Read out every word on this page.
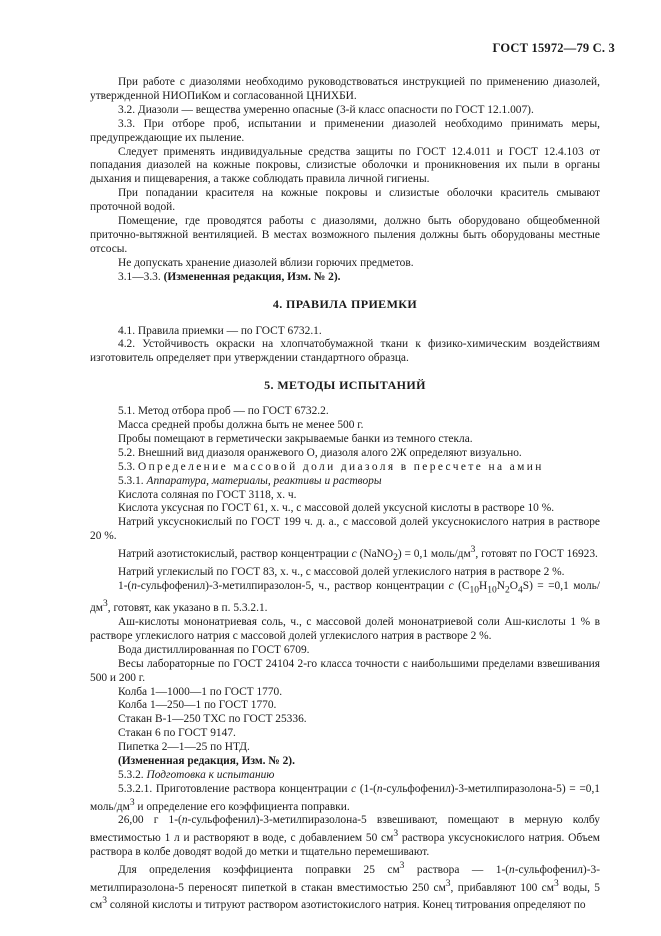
ГОСТ 15972—79 С. 3

При работе с диазолями необходимо руководствоваться инструкцией по применению диазолей, утвержденной НИОПиКом и согласованной ЦНИХБИ.

3.2. Диазоли — вещества умеренно опасные (3-й класс опасности по ГОСТ 12.1.007).

3.3. При отборе проб, испытании и применении диазолей необходимо принимать меры, предупреждающие их пыление.

Следует применять индивидуальные средства защиты по ГОСТ 12.4.011 и ГОСТ 12.4.103 от попадания диазолей на кожные покровы, слизистые оболочки и проникновения их пыли в органы дыхания и пищеварения, а также соблюдать правила личной гигиены.

При попадании красителя на кожные покровы и слизистые оболочки краситель смывают проточной водой.

Помещение, где проводятся работы с диазолями, должно быть оборудовано общеобменной приточно-вытяжной вентиляцией. В местах возможного пыления должны быть оборудованы местные отсосы.

Не допускать хранение диазолей вблизи горючих предметов.

3.1—3.3. (Измененная редакция, Изм. № 2).

4. ПРАВИЛА ПРИЕМКИ

4.1. Правила приемки — по ГОСТ 6732.1.

4.2. Устойчивость окраски на хлопчатобумажной ткани к физико-химическим воздействиям изготовитель определяет при утверждении стандартного образца.

5. МЕТОДЫ ИСПЫТАНИЙ

5.1. Метод отбора проб — по ГОСТ 6732.2.

Масса средней пробы должна быть не менее 500 г.

Пробы помещают в герметически закрываемые банки из темного стекла.

5.2. Внешний вид диазоля оранжевого О, диазоля алого 2Ж определяют визуально.

5.3. Определение массовой доли диазоля в пересчете на амин

5.3.1. Аппаратура, материалы, реактивы и растворы

Кислота соляная по ГОСТ 3118, х. ч.

Кислота уксусная по ГОСТ 61, х. ч., с массовой долей уксусной кислоты в растворе 10 %.

Натрий уксуснокислый по ГОСТ 199 ч. д. а., с массовой долей уксуснокислого натрия в растворе 20 %.

Натрий азотистокислый, раствор концентрации c (NaNO$_2$) = 0,1 моль/$дм^3$, готовят по ГОСТ 16923.

Натрий углекислый по ГОСТ 83, х. ч., с массовой долей углекислого натрия в растворе 2 %.

1-(n-сульфофенил)-3-метилпиразолон-5, ч., раствор концентрации c $(C_{10}H_{10}N_2O_4S) = =0,1$ моль/$дм^3$, готовят, как указано в п. 5.3.2.1.

Аш-кислоты мононатриевая соль, ч., с массовой долей мононатриевой соли Аш-кислоты 1 % в растворе углекислого натрия с массовой долей углекислого натрия в растворе 2 %.

Вода дистиллированная по ГОСТ 6709.

Весы лабораторные по ГОСТ 24104 2-го класса точности с наибольшими пределами взвешивания 500 и 200 г.

Колба 1—1000—1 по ГОСТ 1770.

Колба 1—250—1 по ГОСТ 1770.

Стакан В-1—250 ТХС по ГОСТ 25336.

Стакан 6 по ГОСТ 9147.

Пипетка 2—1—25 по НТД.

(Измененная редакция, Изм. № 2).

5.3.2. Подготовка к испытанию

5.3.2.1. Приготовление раствора концентрации c (1-(n-сульфофенил)-3-метилпиразолона-5) = =0,1 моль/$дм^3$ и определение его коэффициента поправки.

26,00 г 1-(n-сульфофенил)-3-метилпиразолона-5 взвешивают, помещают в мерную колбу вместимостью 1 л и растворяют в воде, с добавлением 50 $см^3$ раствора уксуснокислого натрия. Объем раствора в колбе доводят водой до метки и тщательно перемешивают.

Для определения коэффициента поправки 25 $см^3$ раствора — 1-(n-сульфофенил)-3-метилпиразолона-5 переносят пипеткой в стакан вместимостью 250 $см^3$, прибавляют 100 $см^3$ воды, 5 $см^3$ соляной кислоты и титруют раствором азотистокислого натрия. Конец титрования определяют по
